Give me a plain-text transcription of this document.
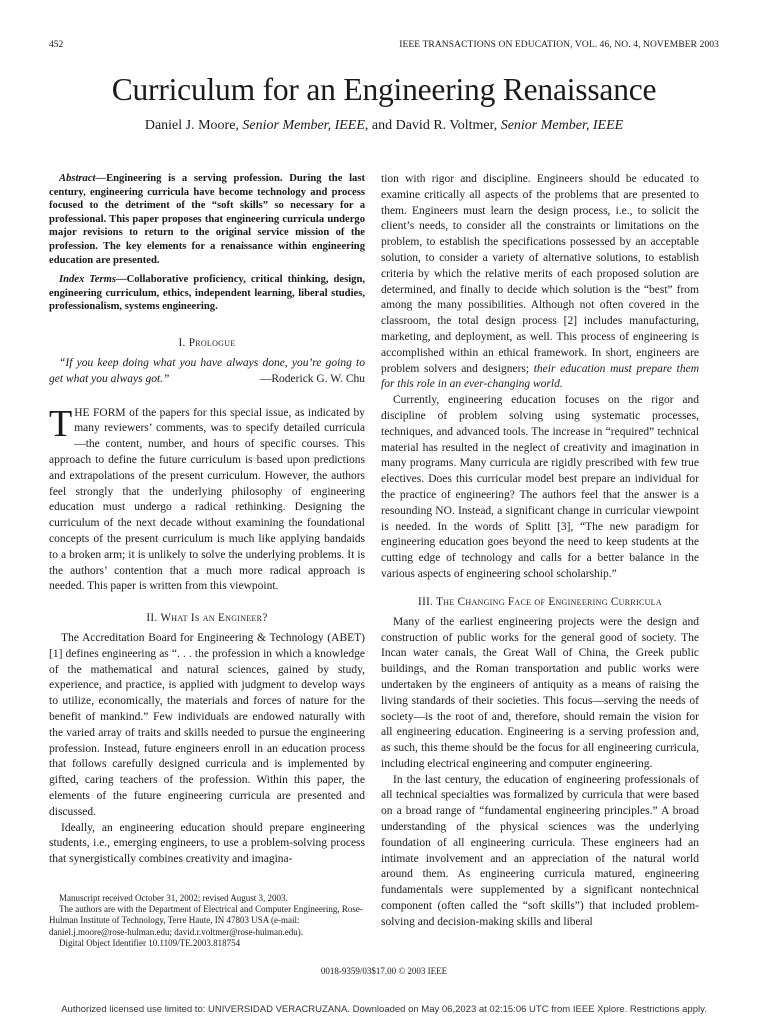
452	IEEE TRANSACTIONS ON EDUCATION, VOL. 46, NO. 4, NOVEMBER 2003
Curriculum for an Engineering Renaissance
Daniel J. Moore, Senior Member, IEEE, and David R. Voltmer, Senior Member, IEEE
Abstract—Engineering is a serving profession. During the last century, engineering curricula have become technology and process focused to the detriment of the “soft skills” so necessary for a professional. This paper proposes that engineering curricula undergo major revisions to return to the original service mission of the profession. The key elements for a renaissance within engineering education are presented.
Index Terms—Collaborative proficiency, critical thinking, design, engineering curriculum, ethics, independent learning, liberal studies, professionalism, systems engineering.
I. Prologue
“If you keep doing what you have always done, you’re going to get what you always got.”	—Roderick G. W. Chu

THE FORM of the papers for this special issue, as indicated by many reviewers’ comments, was to specify detailed curricula—the content, number, and hours of specific courses. This approach to define the future curriculum is based upon predictions and extrapolations of the present curriculum. However, the authors feel strongly that the underlying philosophy of engineering education must undergo a radical rethinking. Designing the curriculum of the next decade without examining the foundational concepts of the present curriculum is much like applying bandaids to a broken arm; it is unlikely to solve the underlying problems. It is the authors’ contention that a much more radical approach is needed. This paper is written from this viewpoint.

II. What Is an Engineer?

The Accreditation Board for Engineering & Technology (ABET) [1] defines engineering as “. . . the profession in which a knowledge of the mathematical and natural sciences, gained by study, experience, and practice, is applied with judgment to develop ways to utilize, economically, the materials and forces of nature for the benefit of mankind.” Few individuals are endowed naturally with the varied array of traits and skills needed to pursue the engineering profession. Instead, future engineers enroll in an education process that follows carefully designed curricula and is implemented by gifted, caring teachers of the profession. Within this paper, the elements of the future engineering curricula are presented and discussed.

Ideally, an engineering education should prepare engineering students, i.e., emerging engineers, to use a problem-solving process that synergistically combines creativity and imagina-

Manuscript received October 31, 2002; revised August 3, 2003.

The authors are with the Department of Electrical and Computer Engineering, Rose-Hulman Institute of Technology, Terre Haute, IN 47803 USA (e-mail: daniel.j.moore@rose-hulman.edu; david.r.voltmer@rose-hulman.edu).

Digital Object Identifier 10.1109/TE.2003.818754

tion with rigor and discipline. Engineers should be educated to examine critically all aspects of the problems that are presented to them. Engineers must learn the design process, i.e., to solicit the client’s needs, to consider all the constraints or limitations on the problem, to establish the specifications possessed by an acceptable solution, to consider a variety of alternative solutions, to establish criteria by which the relative merits of each proposed solution are determined, and finally to decide which solution is the “best” from among the many possibilities. Although not often covered in the classroom, the total design process [2] includes manufacturing, marketing, and deployment, as well. This process of engineering is accomplished within an ethical framework. In short, engineers are problem solvers and designers; their education must prepare them for this role in an ever-changing world.

Currently, engineering education focuses on the rigor and discipline of problem solving using systematic processes, techniques, and advanced tools. The increase in “required” technical material has resulted in the neglect of creativity and imagination in many programs. Many curricula are rigidly prescribed with few true electives. Does this curricular model best prepare an individual for the practice of engineering? The authors feel that the answer is a resounding NO. Instead, a significant change in curricular viewpoint is needed. In the words of Splitt [3], “The new paradigm for engineering education goes beyond the need to keep students at the cutting edge of technology and calls for a better balance in the various aspects of engineering school scholarship.”

III. The Changing Face of Engineering Curricula

Many of the earliest engineering projects were the design and construction of public works for the general good of society. The Incan water canals, the Great Wall of China, the Greek public buildings, and the Roman transportation and public works were undertaken by the engineers of antiquity as a means of raising the living standards of their societies. This focus—serving the needs of society—is the root of and, therefore, should remain the vision for all engineering education. Engineering is a serving profession and, as such, this theme should be the focus for all engineering curricula, including electrical engineering and computer engineering.

In the last century, the education of engineering professionals of all technical specialties was formalized by curricula that were based on a broad range of “fundamental engineering principles.” A broad understanding of the physical sciences was the underlying foundation of all engineering curricula. These engineers had an intimate involvement and an appreciation of the natural world around them. As engineering curricula matured, engineering fundamentals were supplemented by a significant nontechnical component (often called the “soft skills”) that included problem-solving and decision-making skills and liberal

0018-9359/03$17.00 © 2003 IEEE
Authorized licensed use limited to: UNIVERSIDAD VERACRUZANA. Downloaded on May 06,2023 at 02:15:06 UTC from IEEE Xplore. Restrictions apply.
